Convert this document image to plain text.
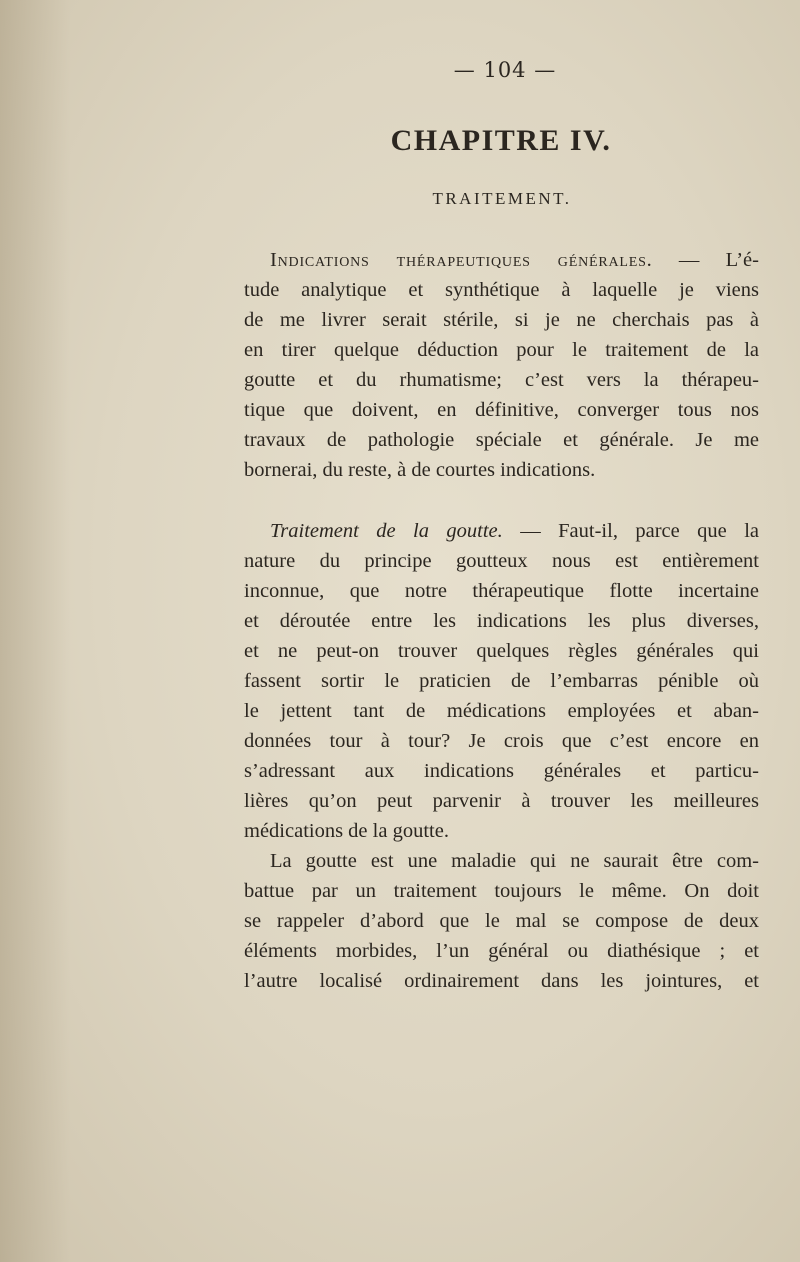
— 104 —
CHAPITRE IV.
TRAITEMENT.
Indications thérapeutiques générales. — L’é-
tude analytique et synthétique à laquelle je viens
de me livrer serait stérile, si je ne cherchais pas à
en tirer quelque déduction pour le traitement de la
goutte et du rhumatisme; c’est vers la thérapeu-
tique que doivent, en définitive, converger tous nos
travaux de pathologie spéciale et générale. Je me
bornerai, du reste, à de courtes indications.
Traitement de la goutte. — Faut-il, parce que la
nature du principe goutteux nous est entièrement
inconnue, que notre thérapeutique flotte incertaine
et déroutée entre les indications les plus diverses,
et ne peut-on trouver quelques règles générales qui
fassent sortir le praticien de l’embarras pénible où
le jettent tant de médications employées et aban-
données tour à tour? Je crois que c’est encore en
s’adressant aux indications générales et particu-
lières qu’on peut parvenir à trouver les meilleures
médications de la goutte.
La goutte est une maladie qui ne saurait être com-
battue par un traitement toujours le même. On doit
se rappeler d’abord que le mal se compose de deux
éléments morbides, l’un général ou diathésique ; et
l’autre localisé ordinairement dans les jointures, et
